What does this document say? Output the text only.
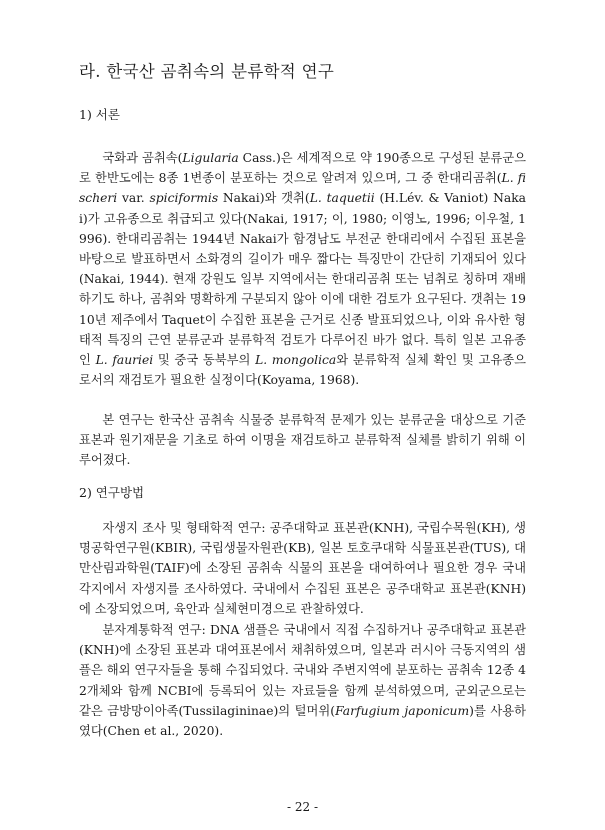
라. 한국산 곰취속의 분류학적 연구
1) 서론

국화과 곰취속(Ligularia Cass.)은 세계적으로 약 190종으로 구성된 분류군으로 한반도에는 8종 1변종이 분포하는 것으로 알려져 있으며, 그 중 한대리곰취(L. fischeri var. spiciformis Nakai)와 갯취(L. taquetii (H.Lév. & Vaniot) Nakai)가 고유종으로 취급되고 있다(Nakai, 1917; 이, 1980; 이영노, 1996; 이우철, 1996). 한대리곰취는 1944년 Nakai가 함경남도 부전군 한대리에서 수집된 표본을 바탕으로 발표하면서 소화경의 길이가 매우 짧다는 특징만이 간단히 기재되어 있다(Nakai, 1944). 현재 강원도 일부 지역에서는 한대리곰취 또는 넘취로 칭하며 재배하기도 하나, 곰취와 명확하게 구분되지 않아 이에 대한 검토가 요구된다. 갯취는 1910년 제주에서 Taquet이 수집한 표본을 근거로 신종 발표되었으나, 이와 유사한 형태적 특징의 근연 분류군과 분류학적 검토가 다루어진 바가 없다. 특히 일본 고유종인 L. fauriei 및 중국 동북부의 L. mongolica와 분류학적 실체 확인 및 고유종으로서의 재검토가 필요한 실정이다(Koyama, 1968).

본 연구는 한국산 곰취속 식물중 분류학적 문제가 있는 분류군을 대상으로 기준표본과 원기재문을 기초로 하여 이명을 재검토하고 분류학적 실체를 밝히기 위해 이루어졌다.

2) 연구방법

자생지 조사 및 형태학적 연구: 공주대학교 표본관(KNH), 국립수목원(KH), 생명공학연구원(KBIR), 국립생물자원관(KB), 일본 토호쿠대학 식물표본관(TUS), 대만산림과학원(TAIF)에 소장된 곰취속 식물의 표본을 대여하여나 필요한 경우 국내 각지에서 자생지를 조사하였다. 국내에서 수집된 표본은 공주대학교 표본관(KNH)에 소장되었으며, 육안과 실체현미경으로 관찰하였다.

분자계통학적 연구: DNA 샘플은 국내에서 직접 수집하거나 공주대학교 표본관(KNH)에 소장된 표본과 대여표본에서 채취하였으며, 일본과 러시아 극동지역의 샘플은 해외 연구자들을 통해 수집되었다. 국내와 주변지역에 분포하는 곰취속 12종 42개체와 함께 NCBI에 등록되어 있는 자료들을 함께 분석하였으며, 군외군으로는 같은 금방망이아족(Tussilagininae)의 털머위(Farfugium japonicum)를 사용하였다(Chen et al., 2020).

- 22 -
